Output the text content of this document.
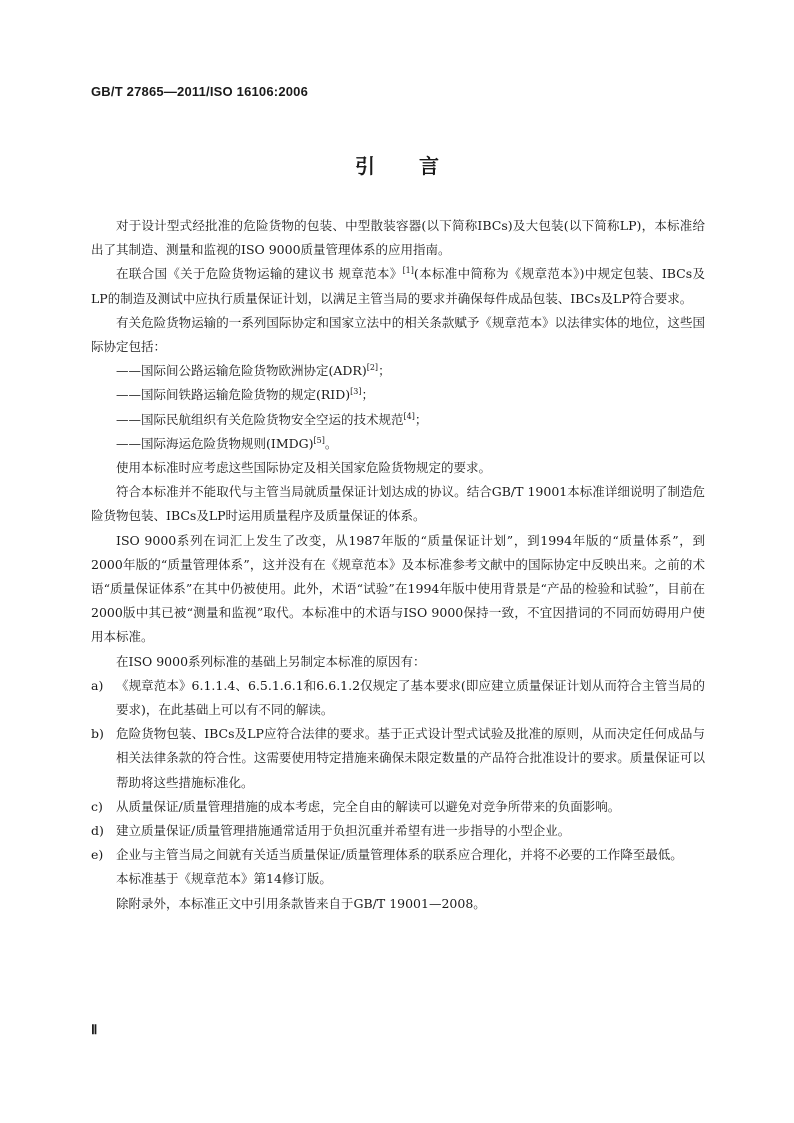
GB/T 27865—2011/ISO 16106:2006
引 言

对于设计型式经批准的危险货物的包装、中型散装容器(以下简称IBCs)及大包装(以下简称LP)，本标准给出了其制造、测量和监视的ISO 9000质量管理体系的应用指南。

在联合国《关于危险货物运输的建议书 规章范本》[1](本标准中简称为《规章范本》)中规定包装、IBCs及LP的制造及测试中应执行质量保证计划，以满足主管当局的要求并确保每件成品包装、IBCs及LP符合要求。

有关危险货物运输的一系列国际协定和国家立法中的相关条款赋予《规章范本》以法律实体的地位，这些国际协定包括：

——国际间公路运输危险货物欧洲协定(ADR)[2]；

——国际间铁路运输危险货物的规定(RID)[3]；

——国际民航组织有关危险货物安全空运的技术规范[4]；

——国际海运危险货物规则(IMDG)[5]。

使用本标准时应考虑这些国际协定及相关国家危险货物规定的要求。

符合本标准并不能取代与主管当局就质量保证计划达成的协议。结合GB/T 19001本标准详细说明了制造危险货物包装、IBCs及LP时运用质量程序及质量保证的体系。

ISO 9000系列在词汇上发生了改变，从1987年版的“质量保证计划”，到1994年版的“质量体系”，到2000年版的“质量管理体系”，这并没有在《规章范本》及本标准参考文献中的国际协定中反映出来。之前的术语“质量保证体系”在其中仍被使用。此外，术语“试验”在1994年版中使用背景是“产品的检验和试验”，目前在2000版中其已被“测量和监视”取代。本标准中的术语与ISO 9000保持一致，不宜因措词的不同而妨碍用户使用本标准。

在ISO 9000系列标准的基础上另制定本标准的原因有：

a)	《规章范本》6.1.1.4、6.5.1.6.1和6.6.1.2仅规定了基本要求(即应建立质量保证计划从而符合主管当局的要求)，在此基础上可以有不同的解读。
b) 危险货物包装、IBCs及LP应符合法律的要求。基于正式设计型式试验及批准的原则，从而决定任何成品与相关法律条款的符合性。这需要使用特定措施来确保未限定数量的产品符合批准设计的要求。质量保证可以帮助将这些措施标准化。
c)	从质量保证/质量管理措施的成本考虑，完全自由的解读可以避免对竞争所带来的负面影响。
d) 建立质量保证/质量管理措施通常适用于负担沉重并希望有进一步指导的小型企业。
e)	企业与主管当局之间就有关适当质量保证/质量管理体系的联系应合理化，并将不必要的工作降至最低。

本标准基于《规章范本》第14修订版。

除附录外，本标准正文中引用条款皆来自于GB/T 19001—2008。

Ⅱ
